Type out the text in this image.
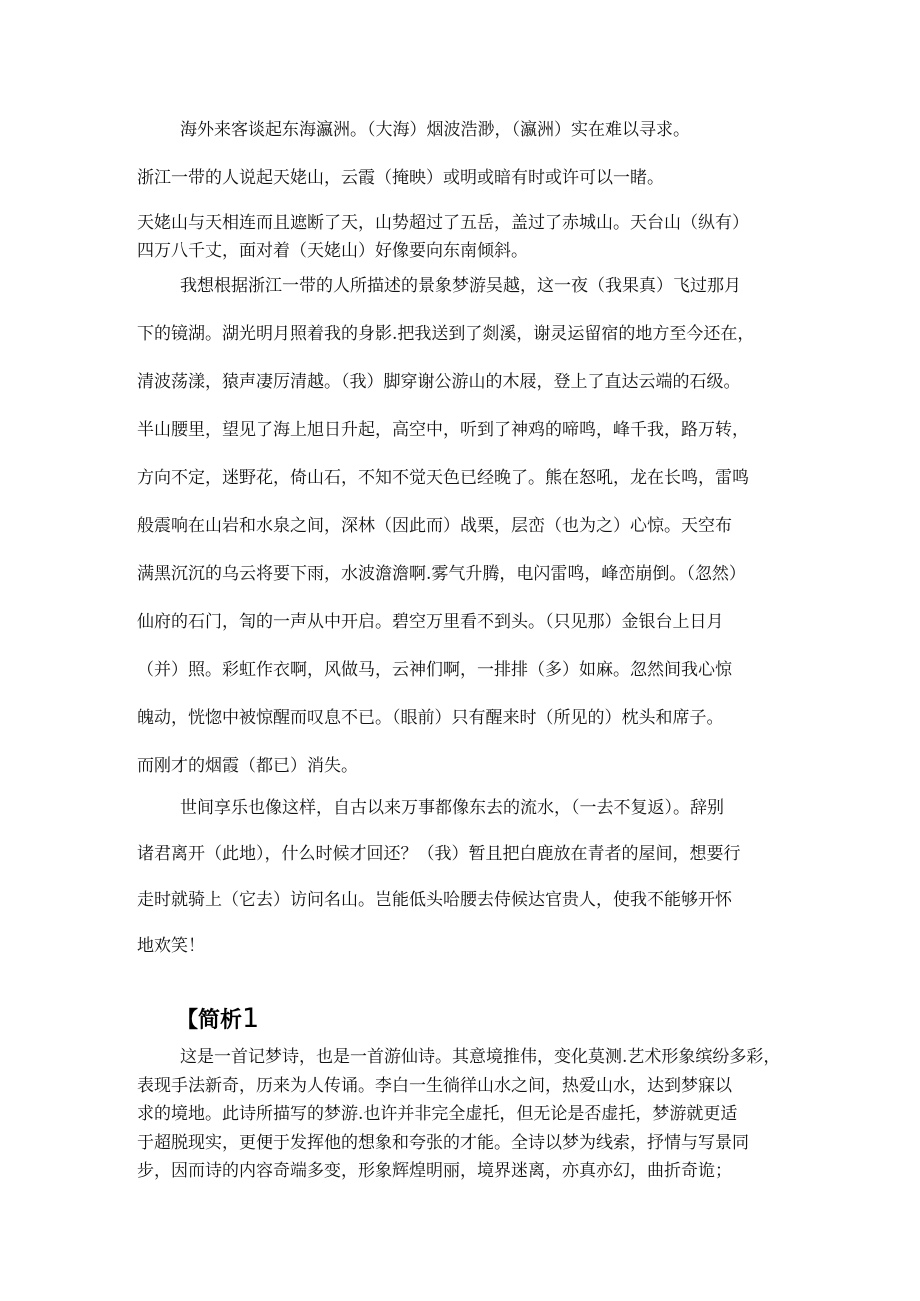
海外来客谈起东海瀛洲。（大海）烟波浩渺，（瀛洲）实在难以寻求。
浙江一带的人说起天姥山，云霞（掩映）或明或暗有时或许可以一睹。
天姥山与天相连而且遮断了天，山势超过了五岳，盖过了赤城山。天台山（纵有）
四万八千丈，面对着（天姥山）好像要向东南倾斜。
我想根据浙江一带的人所描述的景象梦游吴越，这一夜（我果真）飞过那月
下的镜湖。湖光明月照着我的身影.把我送到了剡溪，谢灵运留宿的地方至今还在，
清波荡漾，猿声凄厉清越。（我）脚穿谢公游山的木屐，登上了直达云端的石级。
半山腰里，望见了海上旭日升起，高空中，听到了神鸡的啼鸣，峰千我，路万转，
方向不定，迷野花，倚山石，不知不觉天色已经晚了。熊在怒吼，龙在长鸣，雷鸣
般震响在山岩和水泉之间，深林（因此而）战栗，层峦（也为之）心惊。天空布
满黑沉沉的乌云将要下雨，水波澹澹啊.雾气升腾，电闪雷鸣，峰峦崩倒。（忽然）
仙府的石门，訇的一声从中开启。碧空万里看不到头。（只见那）金银台上日月
（并）照。彩虹作衣啊，风做马，云神们啊，一排排（多）如麻。忽然间我心惊
魄动，恍惚中被惊醒而叹息不已。（眼前）只有醒来时（所见的）枕头和席子。
而刚才的烟霞（都已）消失。
世间享乐也像这样，自古以来万事都像东去的流水，（一去不复返）。辞别
诸君离开（此地），什么时候才回还？（我）暂且把白鹿放在青者的屋间，想要行
走时就骑上（它去）访问名山。岂能低头哈腰去侍候达官贵人，使我不能够开怀
地欢笑！
【简析1
这是一首记梦诗，也是一首游仙诗。其意境推伟，变化莫测.艺术形象缤纷多彩，
表现手法新奇，历来为人传诵。李白一生徜徉山水之间，热爱山水，达到梦寐以
求的境地。此诗所描写的梦游.也许并非完全虚托，但无论是否虚托，梦游就更适
于超脱现实，更便于发挥他的想象和夸张的才能。全诗以梦为线索，抒情与写景同
步，因而诗的内容奇端多变，形象辉煌明丽，境界迷离，亦真亦幻，曲折奇诡；
